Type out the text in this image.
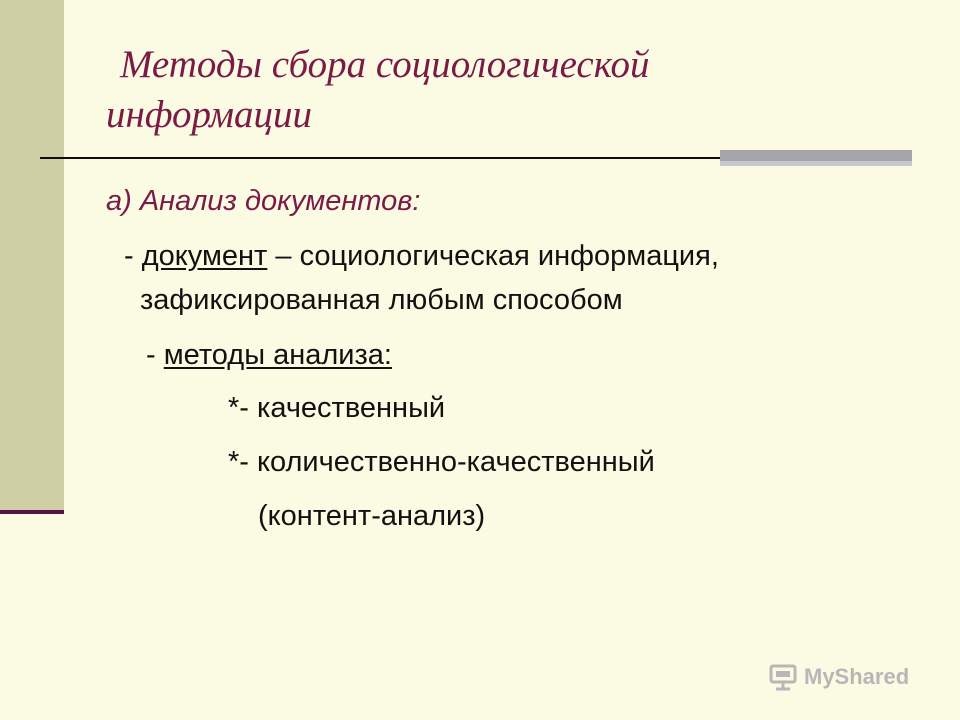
Методы сбора социологической
информации
а) Анализ документов:
- документ – социологическая информация,
зафиксированная любым способом
- методы анализа:
*- качественный
*- количественно-качественный
(контент-анализ)
MyShared
